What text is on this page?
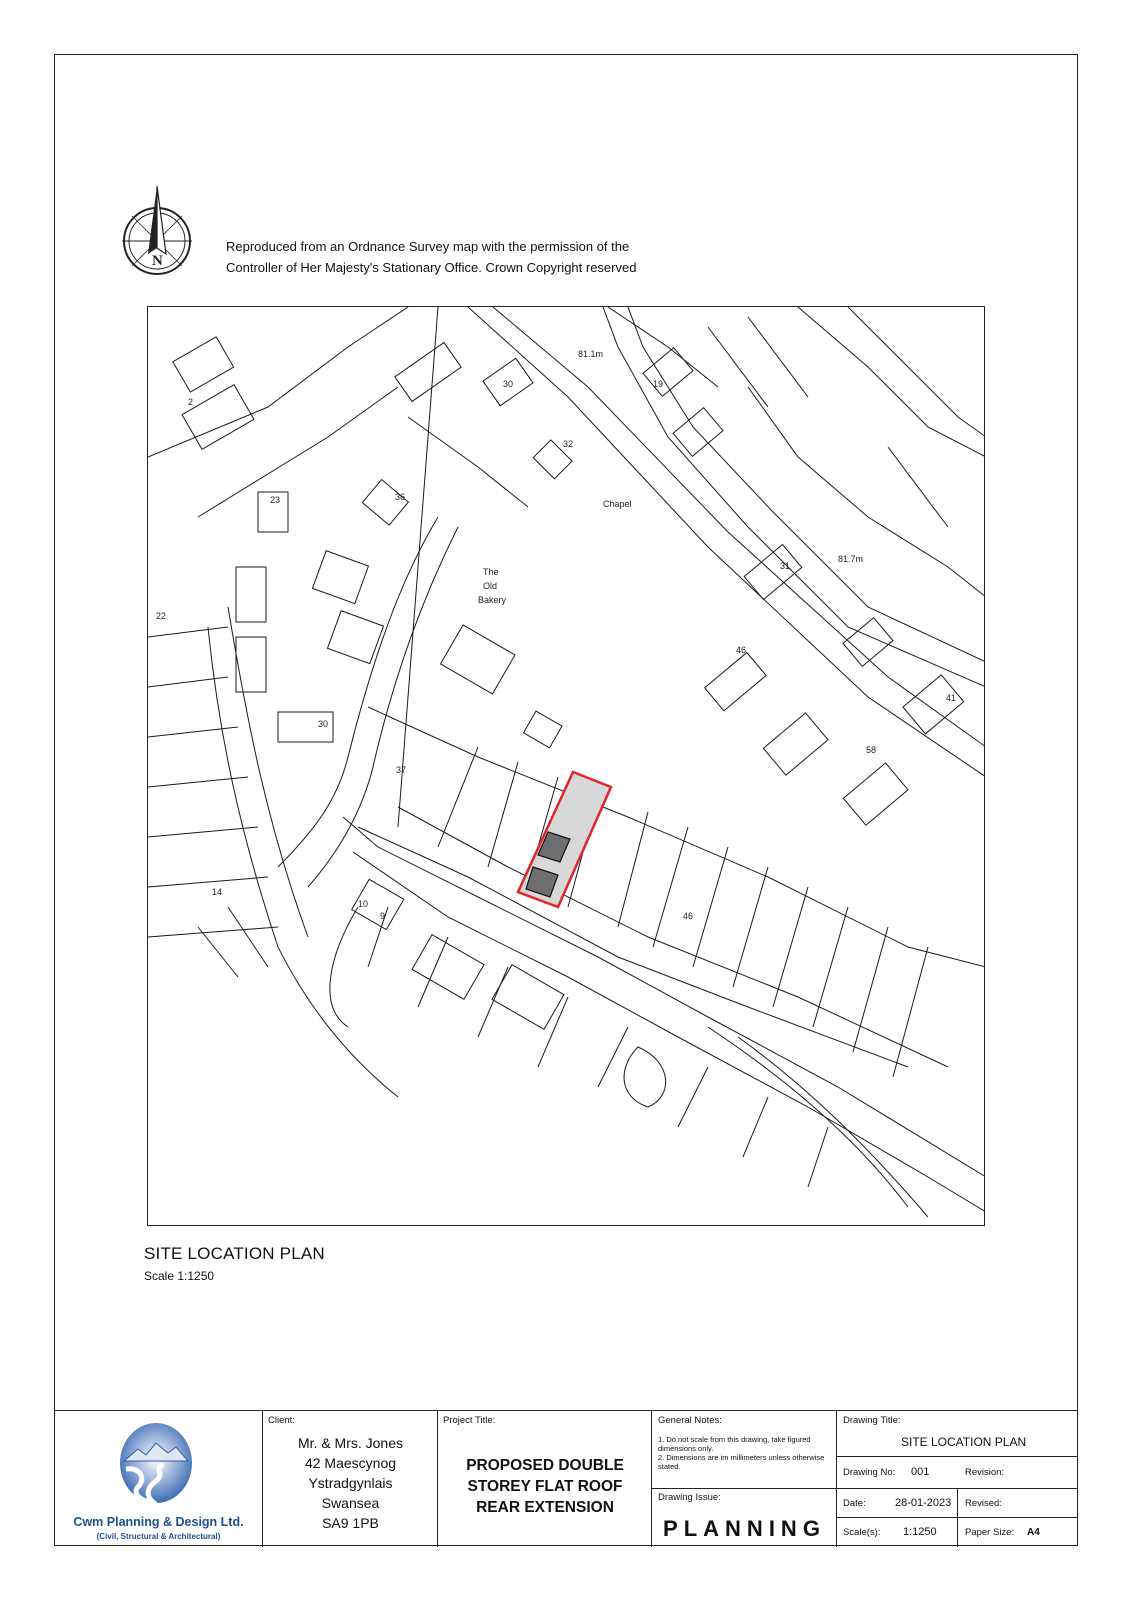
N
Reproduced from an Ordnance Survey map with the permission of the
Controller of Her Majesty's Stationary Office. Crown Copyright reserved
The
Old
Bakery
Chapel
81.1m
81.7m
2
30
32
19
23	36
31
22
30
37
46
41
58
10
9
14
46
SITE LOCATION PLAN
Scale 1:1250
Cwm Planning & Design Ltd.
(Civil, Structural & Architectural)
Client:
Mr. & Mrs. Jones
42 Maescynog
Ystradgynlais
Swansea
SA9 1PB
Project Title:
PROPOSED DOUBLE
STOREY FLAT ROOF
REAR EXTENSION
General Notes:
1. Do not scale from this drawing, take figured dimensions only.
2. Dimensions are im millimeters unless otherwise stated.
Drawing Issue:
PLANNING
Drawing Title:
SITE LOCATION PLAN
Drawing No: 001	Revision:
Date:	28-01-2023 Revised:
Scale(s): 1:1250	Paper Size: A4
